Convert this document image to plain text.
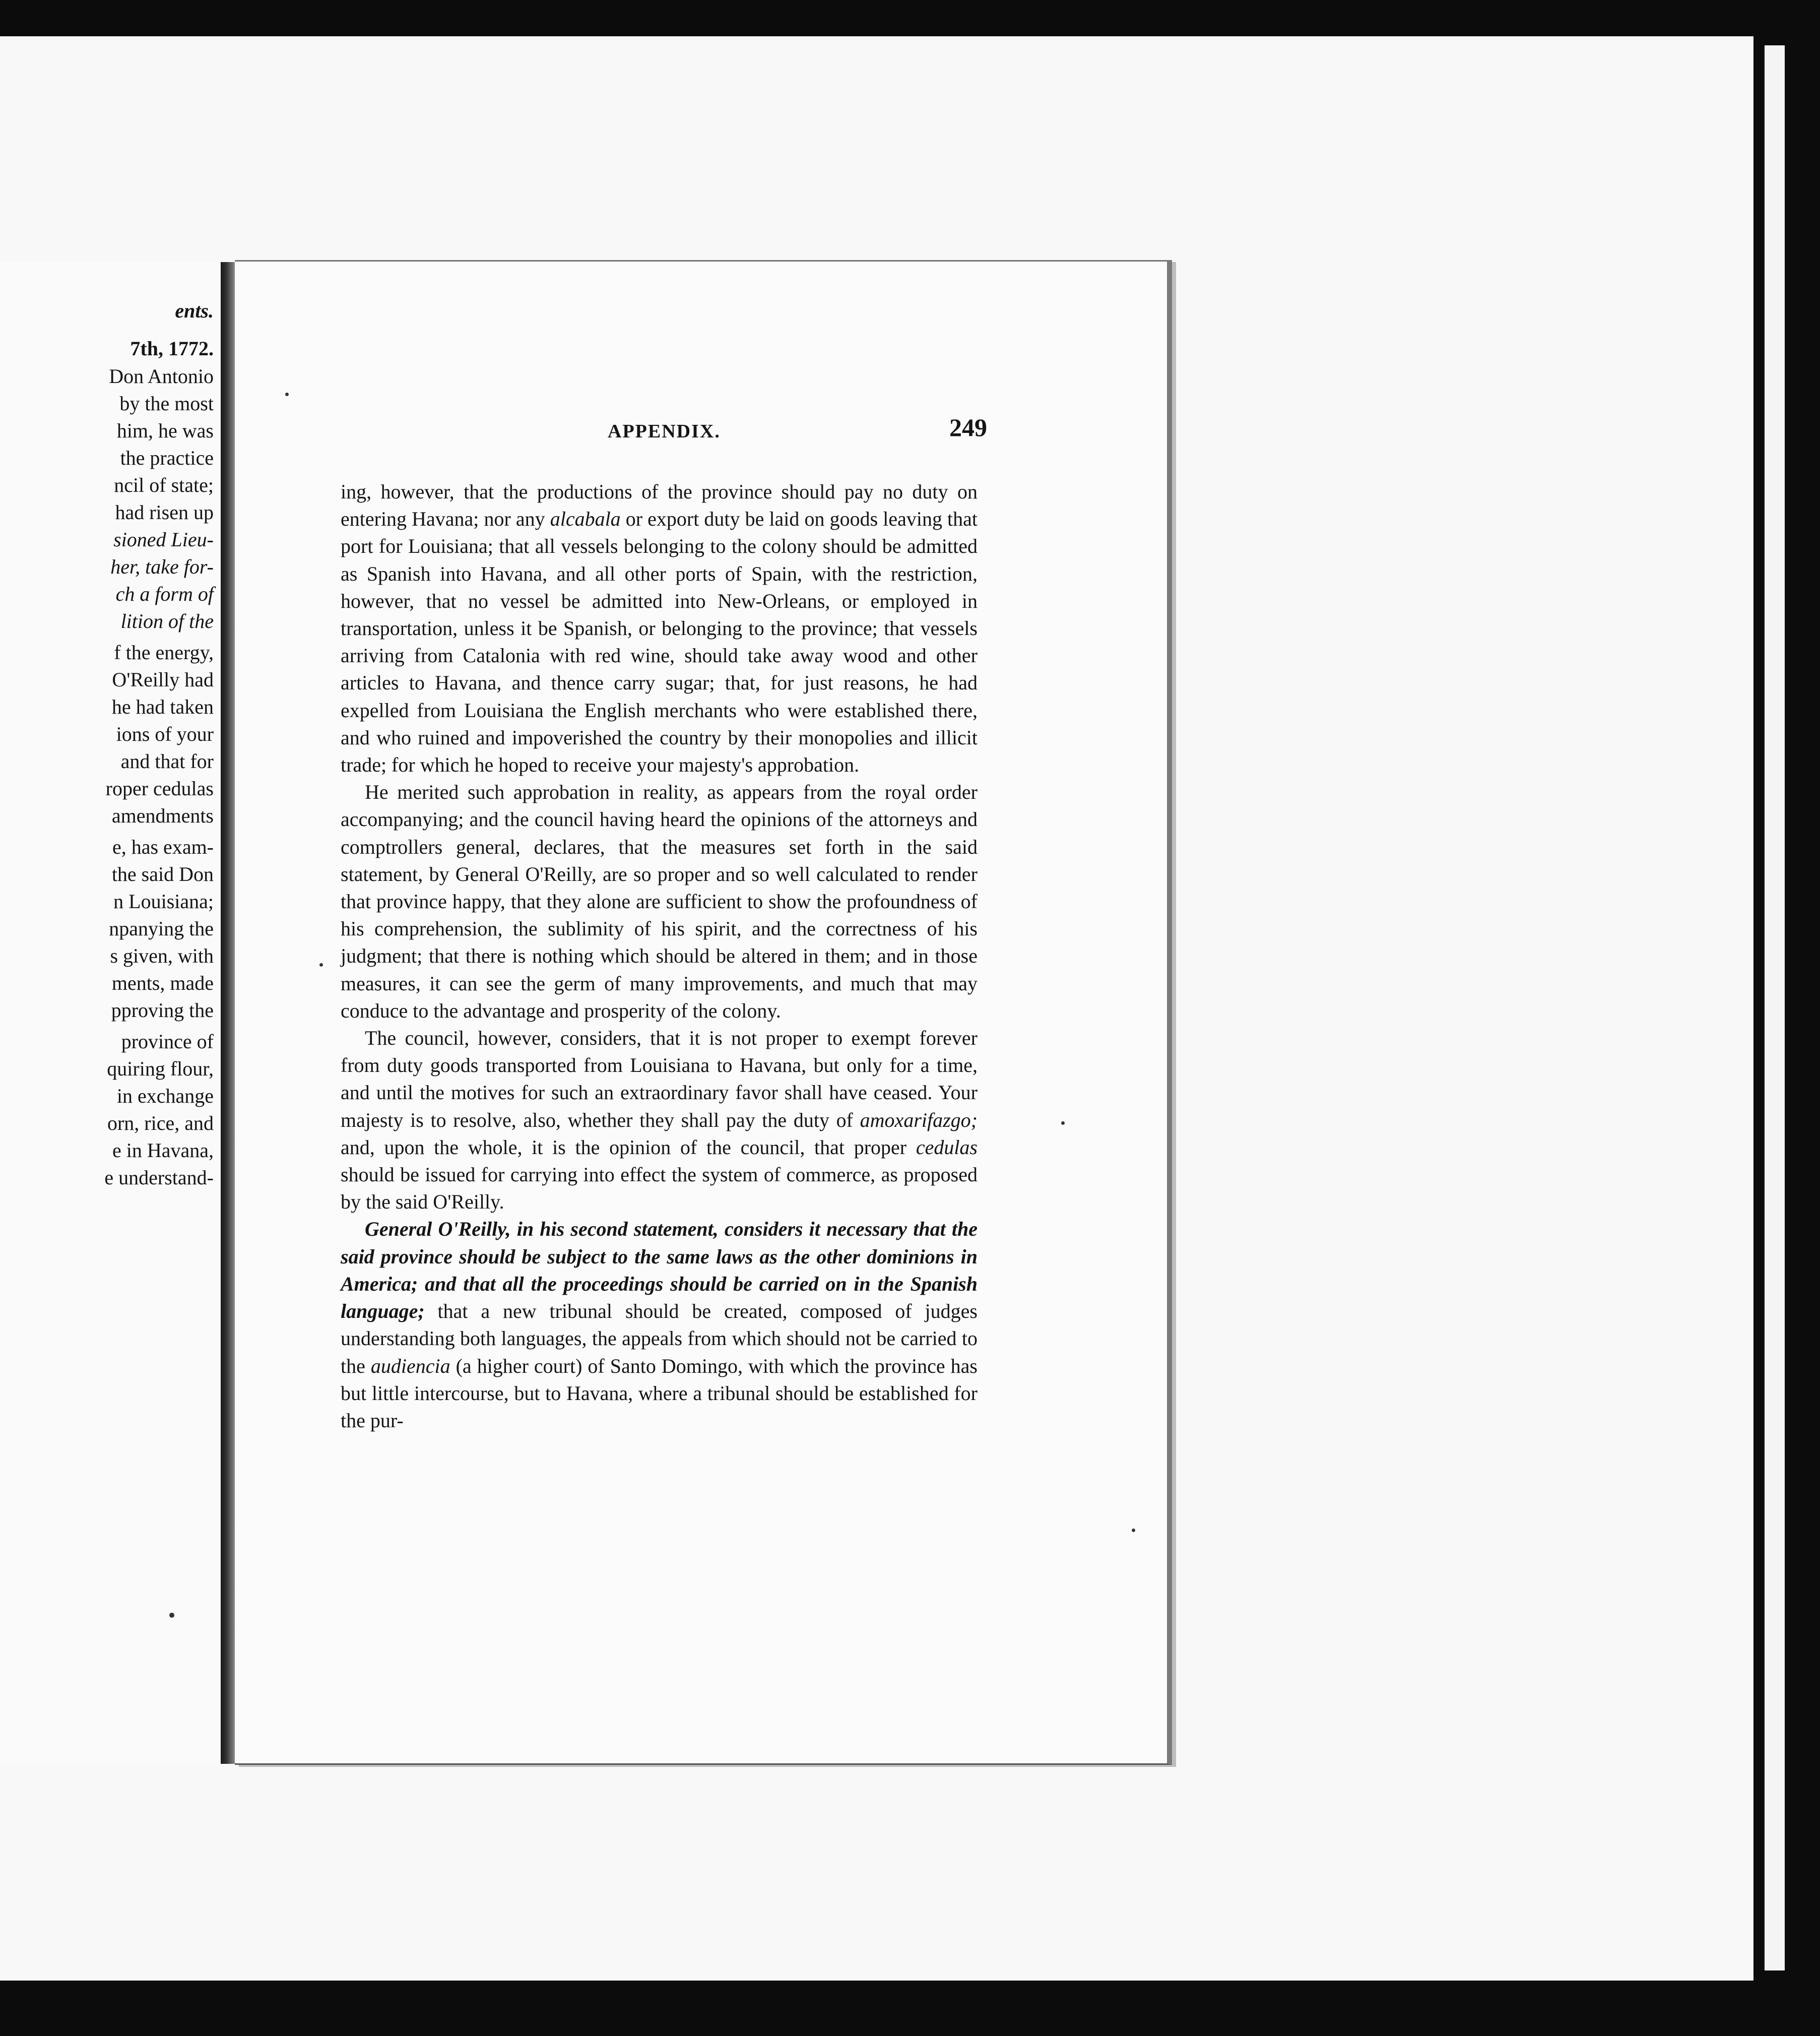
ents.
7th, 1772.
Don Antonio
by the most
him, he was
the practice
ncil of state;
had risen up
sioned Lieu-
her, take for-
ch a form of
lition of the
f the energy,
O'Reilly had
he had taken
ions of your
and that for
roper cedulas
amendments
e, has exam-
the said Don
n Louisiana;
npanying the
s given, with
ments, made
pproving the
province of
quiring flour,
in exchange
orn, rice, and
e in Havana,
e understand-
APPENDIX.	249

ing, however, that the productions of the province should pay no duty on entering Havana; nor any alcabala or export duty be laid on goods leaving that port for Louisiana; that all vessels belonging to the colony should be admitted as Spanish into Havana, and all other ports of Spain, with the restriction, however, that no vessel be admitted into New-Orleans, or employed in transportation, unless it be Spanish, or belonging to the province; that vessels arriving from Catalonia with red wine, should take away wood and other articles to Havana, and thence carry sugar; that, for just reasons, he had expelled from Louisiana the English merchants who were established there, and who ruined and impoverished the country by their monopolies and illicit trade; for which he hoped to receive your majesty's approbation.

He merited such approbation in reality, as appears from the royal order accompanying; and the council having heard the opinions of the attorneys and comptrollers general, declares, that the measures set forth in the said statement, by General O'Reilly, are so proper and so well calculated to render that province happy, that they alone are sufficient to show the profoundness of his comprehension, the sublimity of his spirit, and the correctness of his judgment; that there is nothing which should be altered in them; and in those measures, it can see the germ of many improvements, and much that may conduce to the advantage and prosperity of the colony.

The council, however, considers, that it is not proper to exempt forever from duty goods transported from Louisiana to Havana, but only for a time, and until the motives for such an extraordinary favor shall have ceased. Your majesty is to resolve, also, whether they shall pay the duty of amoxarifazgo; and, upon the whole, it is the opinion of the council, that proper cedulas should be issued for carrying into effect the system of commerce, as proposed by the said O'Reilly.

General O'Reilly, in his second statement, considers it necessary that the said province should be subject to the same laws as the other dominions in America; and that all the proceedings should be carried on in the Spanish language; that a new tribunal should be created, composed of judges understanding both languages, the appeals from which should not be carried to the audiencia (a higher court) of Santo Domingo, with which the province has but little intercourse, but to Havana, where a tribunal should be established for the pur-
